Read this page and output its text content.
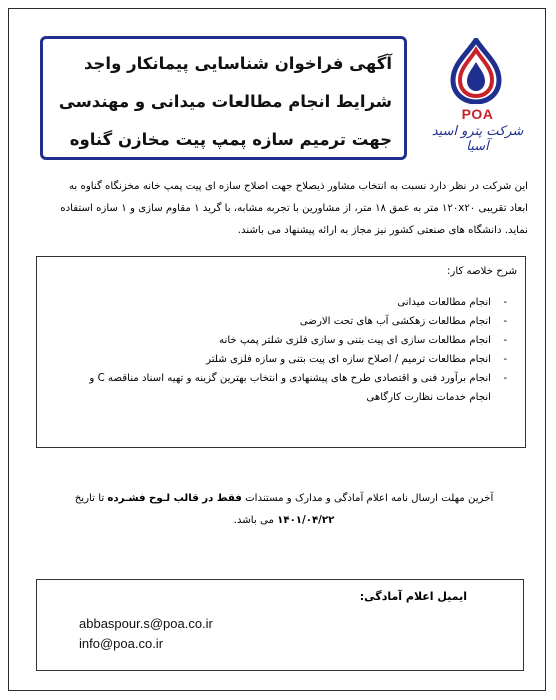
آگهی فراخوان شناسایی پیمانکار واجد
شرایط انجام مطالعات میدانی و مهندسی
جهت ترمیم سازه پمپ پیت مخازن گناوه
POA
شرکت پترو اسید آسیا
این شرکت در نظر دارد نسبت به انتخاب مشاور ذیصلاح جهت اصلاح سازه ای پیت پمپ خانه مخزنگاه گناوه به
ابعاد تقریبی ۱۲۰x۲۰ متر به عمق ۱۸ متر، از مشاورین با تجربه مشابه، با گرید ۱ مقاوم سازی و ۱ سازه استفاده
نماید. دانشگاه های صنعتی کشور نیز مجاز به ارائه پیشنهاد می باشند.
شرح خلاصه کار:
-
انجام مطالعات میدانی
-
انجام مطالعات زهکشی آب های تحت الارضی
-
انجام مطالعات سازی ای پیت بتنی و سازی فلزی شلتر پمپ خانه
-
انجام مطالعات ترمیم / اصلاح سازه ای پیت بتنی و سازه فلزی شلتر
-
انجام برآورد فنی و اقتصادی طرح های پیشنهادی و انتخاب بهترین گزینه و تهیه اسناد مناقصه C و
انجام خدمات نظارت کارگاهی
آخرین مهلت ارسال نامه اعلام آمادگی و مدارک و مستندات فقط در قالب لـوح فشـرده تا تاریخ
۱۴۰۱/۰۴/۲۲ می باشد.
ایمیل اعلام آمادگی:
abbaspour.s@poa.co.ir
info@poa.co.ir
